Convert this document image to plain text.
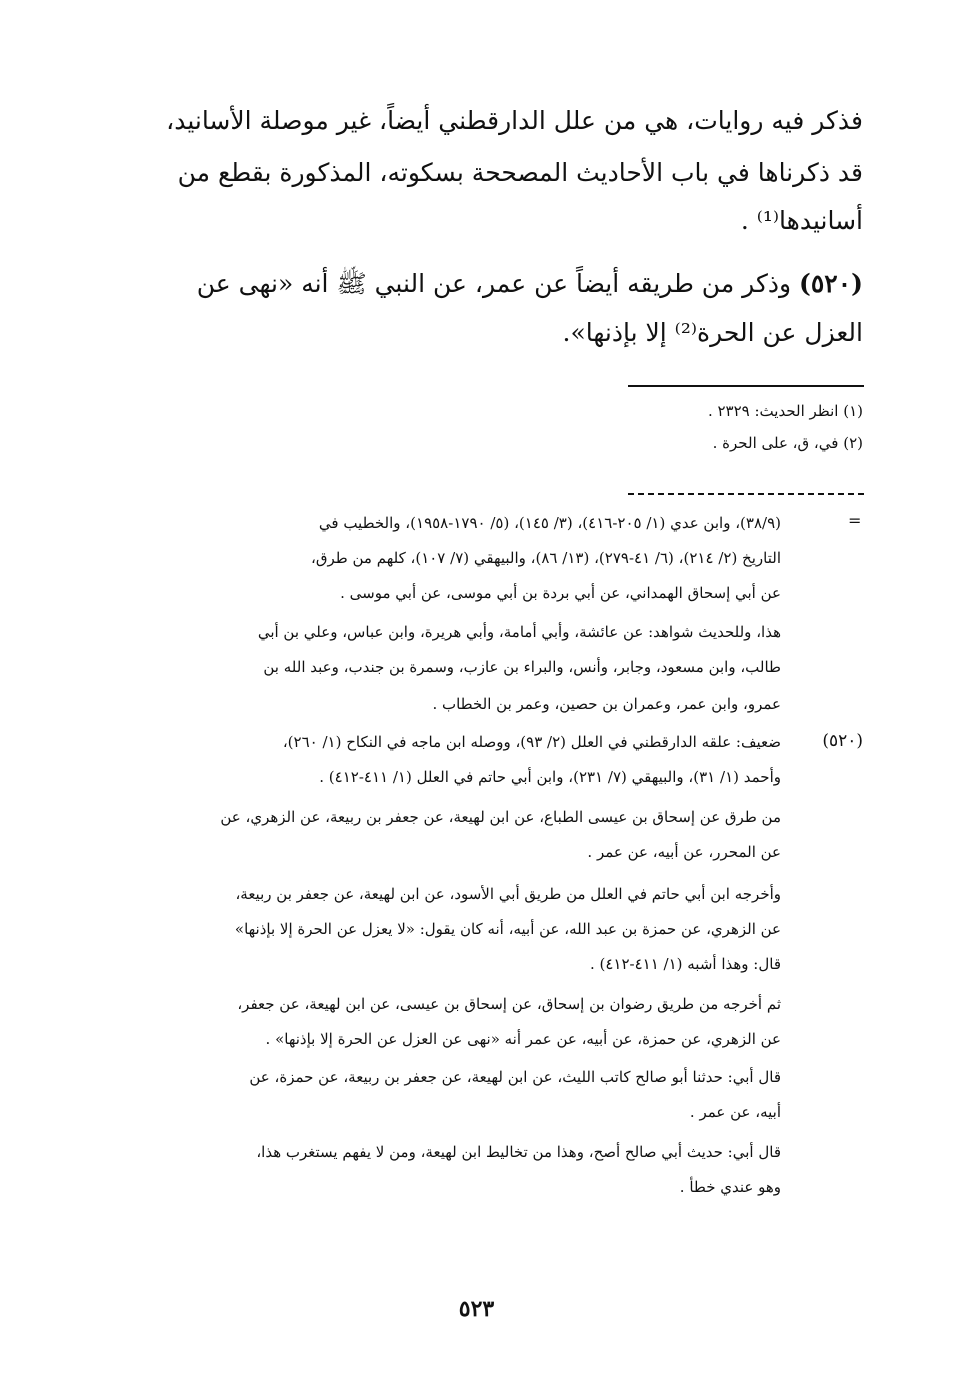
فذكر فيه روايات، هي من علل الدارقطني أيضاً، غير موصلة الأسانيد،
قد ذكرناها في باب الأحاديث المصححة بسكوته، المذكورة بقطع من
أسانيدها⁽¹⁾ .
(٥٢٠) وذكر من طريقه أيضاً عن عمر، عن النبي ﷺ أنه «نهى عن
العزل عن الحرة⁽²⁾ إلا بإذنها».
(١) انظر الحديث: ٢٣٢٩ .
(٢) في، ق، على الحرة .
=
(٣٨/٩)، وابن عدي (١/ ٢٠٥-٤١٦)، (٣/ ١٤٥)، (٥/ ١٧٩٠-١٩٥٨)، والخطيب في
التاريخ (٢/ ٢١٤)، (٦/ ٤١-٢٧٩)، (١٣/ ٨٦)، والبيهقي (٧/ ١٠٧)، كلهم من طرق،
عن أبي إسحاق الهمداني، عن أبي بردة بن أبي موسى، عن أبي موسى .
هذا، وللحديث شواهد: عن عائشة، وأبي أمامة، وأبي هريرة، وابن عباس، وعلي بن أبي
طالب، وابن مسعود، وجابر، وأنس، والبراء بن عازب، وسمرة بن جندب، وعبد الله بن
عمرو، وابن عمر، وعمران بن حصين، وعمر بن الخطاب .
(٥٢٠)
ضعيف: علقه الدارقطني في العلل (٢/ ٩٣)، ووصله ابن ماجه في النكاح (١/ ٢٦٠)،
وأحمد (١/ ٣١)، والبيهقي (٧/ ٢٣١)، وابن أبي حاتم في العلل (١/ ٤١١-٤١٢) .
من طرق عن إسحاق بن عيسى الطباع، عن ابن لهيعة، عن جعفر بن ربيعة، عن الزهري، عن
عن المحرر، عن أبيه، عن عمر .
وأخرجه ابن أبي حاتم في العلل من طريق أبي الأسود، عن ابن لهيعة، عن جعفر بن ربيعة،
عن الزهري، عن حمزة بن عبد الله، عن أبيه، أنه كان يقول: «لا يعزل عن الحرة إلا بإذنها»
قال: وهذا أشبه (١/ ٤١١-٤١٢) .
ثم أخرجه من طريق رضوان بن إسحاق، عن إسحاق بن عيسى، عن ابن لهيعة، عن جعفر،
عن الزهري، عن حمزة، عن أبيه، عن عمر أنه «نهى عن العزل عن الحرة إلا بإذنها» .
قال أبي: حدثنا أبو صالح كاتب الليث، عن ابن لهيعة، عن جعفر بن ربيعة، عن حمزة، عن
أبيه، عن عمر .
قال أبي: حديث أبي صالح أصح، وهذا من تخاليط ابن لهيعة، ومن لا يفهم يستغرب هذا،
وهو عندي خطأ .
٥٢٣
